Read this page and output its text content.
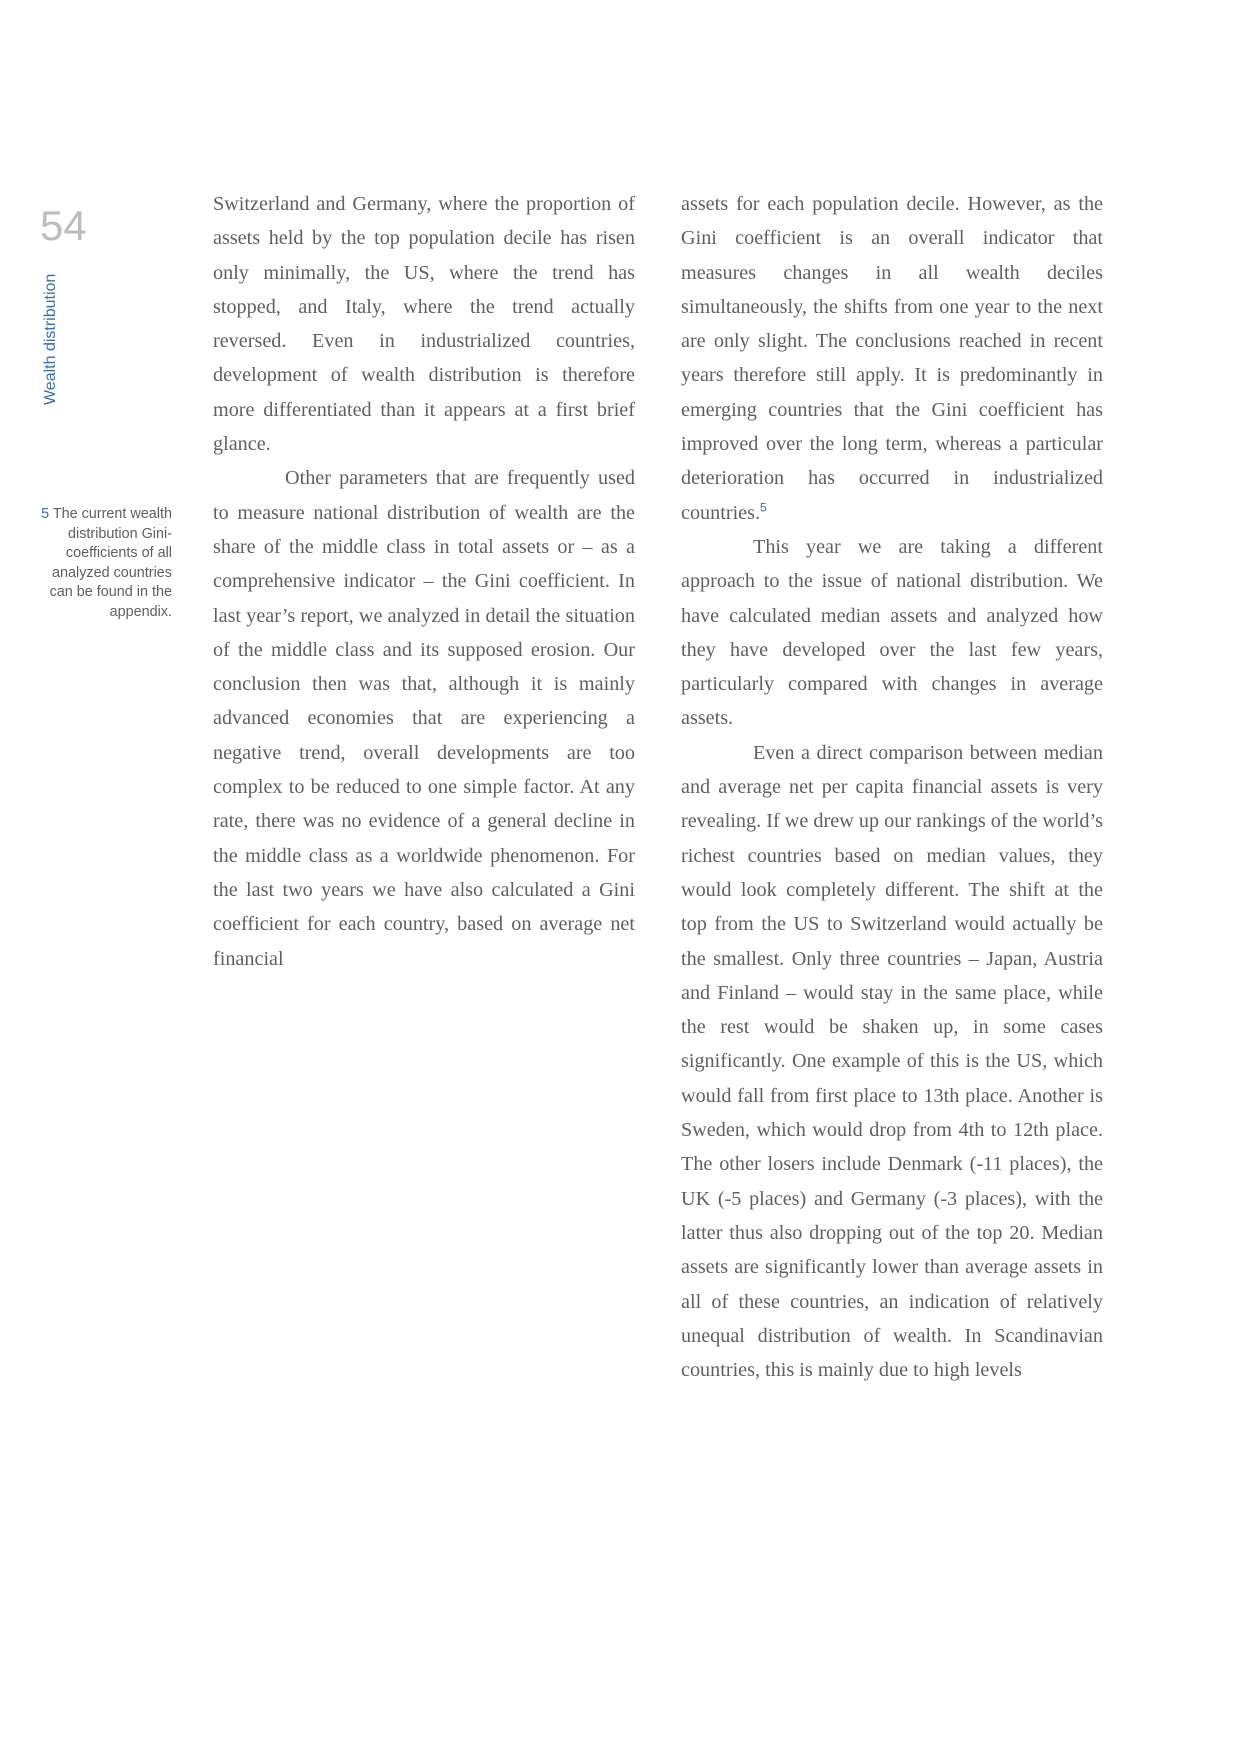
54
Wealth distribution
5 The current wealth distribution Gini-coefficients of all analyzed countries can be found in the appendix.

Switzerland and Germany, where the proportion of assets held by the top population decile has risen only minimally, the US, where the trend has stopped, and Italy, where the trend actually reversed. Even in industrialized countries, development of wealth distribution is therefore more differentiated than it appears at a first brief glance.

Other parameters that are frequently used to measure national distribution of wealth are the share of the middle class in total assets or – as a comprehensive indicator – the Gini coefficient. In last year’s report, we analyzed in detail the situation of the middle class and its supposed erosion. Our conclusion then was that, although it is mainly advanced economies that are experiencing a negative trend, overall developments are too complex to be reduced to one simple factor. At any rate, there was no evidence of a general decline in the middle class as a worldwide phenomenon. For the last two years we have also calculated a Gini coefficient for each country, based on average net financial

assets for each population decile. However, as the Gini coefficient is an overall indicator that measures changes in all wealth deciles simultaneously, the shifts from one year to the next are only slight. The conclusions reached in recent years therefore still apply. It is predominantly in emerging countries that the Gini coefficient has improved over the long term, whereas a particular deterioration has occurred in industrialized countries.$^5$

This year we are taking a different approach to the issue of national distribution. We have calculated median assets and analyzed how they have developed over the last few years, particularly compared with changes in average assets.

Even a direct comparison between median and average net per capita financial assets is very revealing. If we drew up our rankings of the world’s richest countries based on median values, they would look completely different. The shift at the top from the US to Switzerland would actually be the smallest. Only three countries – Japan, Austria and Finland – would stay in the same place, while the rest would be shaken up, in some cases significantly. One example of this is the US, which would fall from first place to 13th place. Another is Sweden, which would drop from 4th to 12th place. The other losers include Denmark (-11 places), the UK (-5 places) and Germany (-3 places), with the latter thus also dropping out of the top 20. Median assets are significantly lower than average assets in all of these countries, an indication of relatively unequal distribution of wealth. In Scandinavian countries, this is mainly due to high levels
